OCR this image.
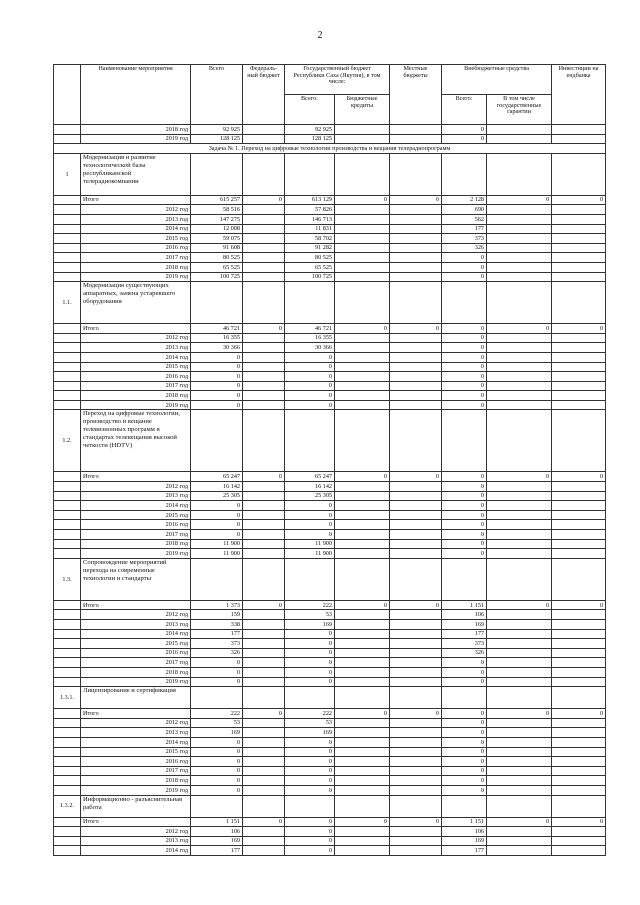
2
	Наименование мероприятия	Всего	Федераль-ный бюджет	Государственный бюджет Республики Саха (Якутия), в том числе:		Местные бюджеты	Внебюджетные средства		Инвестиции на ендбанка
				Всего:	Бюджетные кредиты		Всего:	В том числе государственные гарантии	
	2018 год	92 925		92 925			0		
	2019 год	128 125		128 125			0		
Задача № 1. Переход на цифровые технологии производства и вещания телерадиопрограмм									
1	Модернизация и развитие технологической базы республиканской телерадиокомпании								
	Итого	615 257	0	613 129	0	0	2 128	0	0
	2012 год	58 516		57 826			690		
	2013 год	147 275		146 713			562		
	2014 год	12 008		11 831			177		
	2015 год	59 075		58 702			373		
	2016 год	91 608		91 282			326		
	2017 год	80 525		80 525			0		
	2018 год	65 525		65 525			0		
	2019 год	100 725		100 725			0		
1.1.	Модернизация существующих аппаратных, замена устаревшего оборудования								
	Итого	46 721	0	46 721	0	0	0	0	0
	2012 год	16 355		16 355			0		
	2013 год	30 366		30 366			0		
	2014 год	0		0			0		
	2015 год	0		0			0		
	2016 год	0		0			0		
	2017 год	0		0			0		
	2018 год	0		0			0		
	2019 год	0		0			0		
1.2.	Переход на цифровые технологии, производство и вещание телевизионных программ в стандартах телевещания высокой четкости (HDTV)								
	Итого	65 247	0	65 247	0	0	0	0	0
	2012 год	16 142		16 142			0		
	2013 год	25 305		25 305			0		
	2014 год	0		0			0		
	2015 год	0		0			0		
	2016 год	0		0			0		
	2017 год	0		0			0		
	2018 год	11 900		11 900			0		
	2019 год	11 900		11 900			0		
1.3.	Сопровождение мероприятий перехода на современные технологии и стандарты								
	Итого	1 373	0	222	0	0	1 151	0	0
	2012 год	159		53			106		
	2013 год	338		169			169		
	2014 год	177		0			177		
	2015 год	373		0			373		
	2016 год	326		0			326		
	2017 год	0		0			0		
	2018 год	0		0			0		
	2019 год	0		0			0		
1.3.1.	Лицензирование и сертификация								
	Итого	222	0	222	0	0	0	0	0
	2012 год	53		53			0		
	2013 год	169		169			0		
	2014 год	0		0			0		
	2015 год	0		0			0		
	2016 год	0		0			0		
	2017 год	0		0			0		
	2018 год	0		0			0		
	2019 год	0		0			0		
1.3.2.	Информационно - разъяснительная работа								
	Итого	1 151	0	0	0	0	1 151	0	0
	2012 год	106		0			106		
	2013 год	169		0			169		
	2014 год	177		0			177		
